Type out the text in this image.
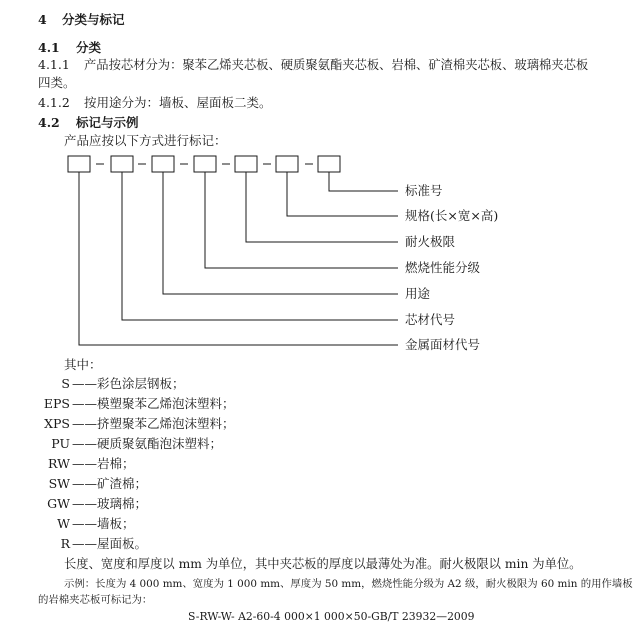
4 分类与标记
4.1 分类
4.1.1 产品按芯材分为：聚苯乙烯夹芯板、硬质聚氨酯夹芯板、岩棉、矿渣棉夹芯板、玻璃棉夹芯板
四类。
4.1.2 按用途分为：墙板、屋面板二类。
4.2 标记与示例
产品应按以下方式进行标记：
标准号
规格(长×宽×高)
耐火极限
燃烧性能分级
用途
芯材代号
金属面材代号
其中：
S ——彩色涂层钢板；
EPS ——模塑聚苯乙烯泡沫塑料；
XPS ——挤塑聚苯乙烯泡沫塑料；
PU ——硬质聚氨酯泡沫塑料；
RW ——岩棉；
SW ——矿渣棉；
GW ——玻璃棉；
W ——墙板；
R ——屋面板。
长度、宽度和厚度以 mm 为单位，其中夹芯板的厚度以最薄处为准。耐火极限以 min 为单位。
示例：长度为 4 000 mm、宽度为 1 000 mm、厚度为 50 mm，燃烧性能分级为 A2 级，耐火极限为 60 min 的用作墙板
的岩棉夹芯板可标记为：
S-RW-W- A2-60-4 000×1 000×50-GB/T 23932—2009
